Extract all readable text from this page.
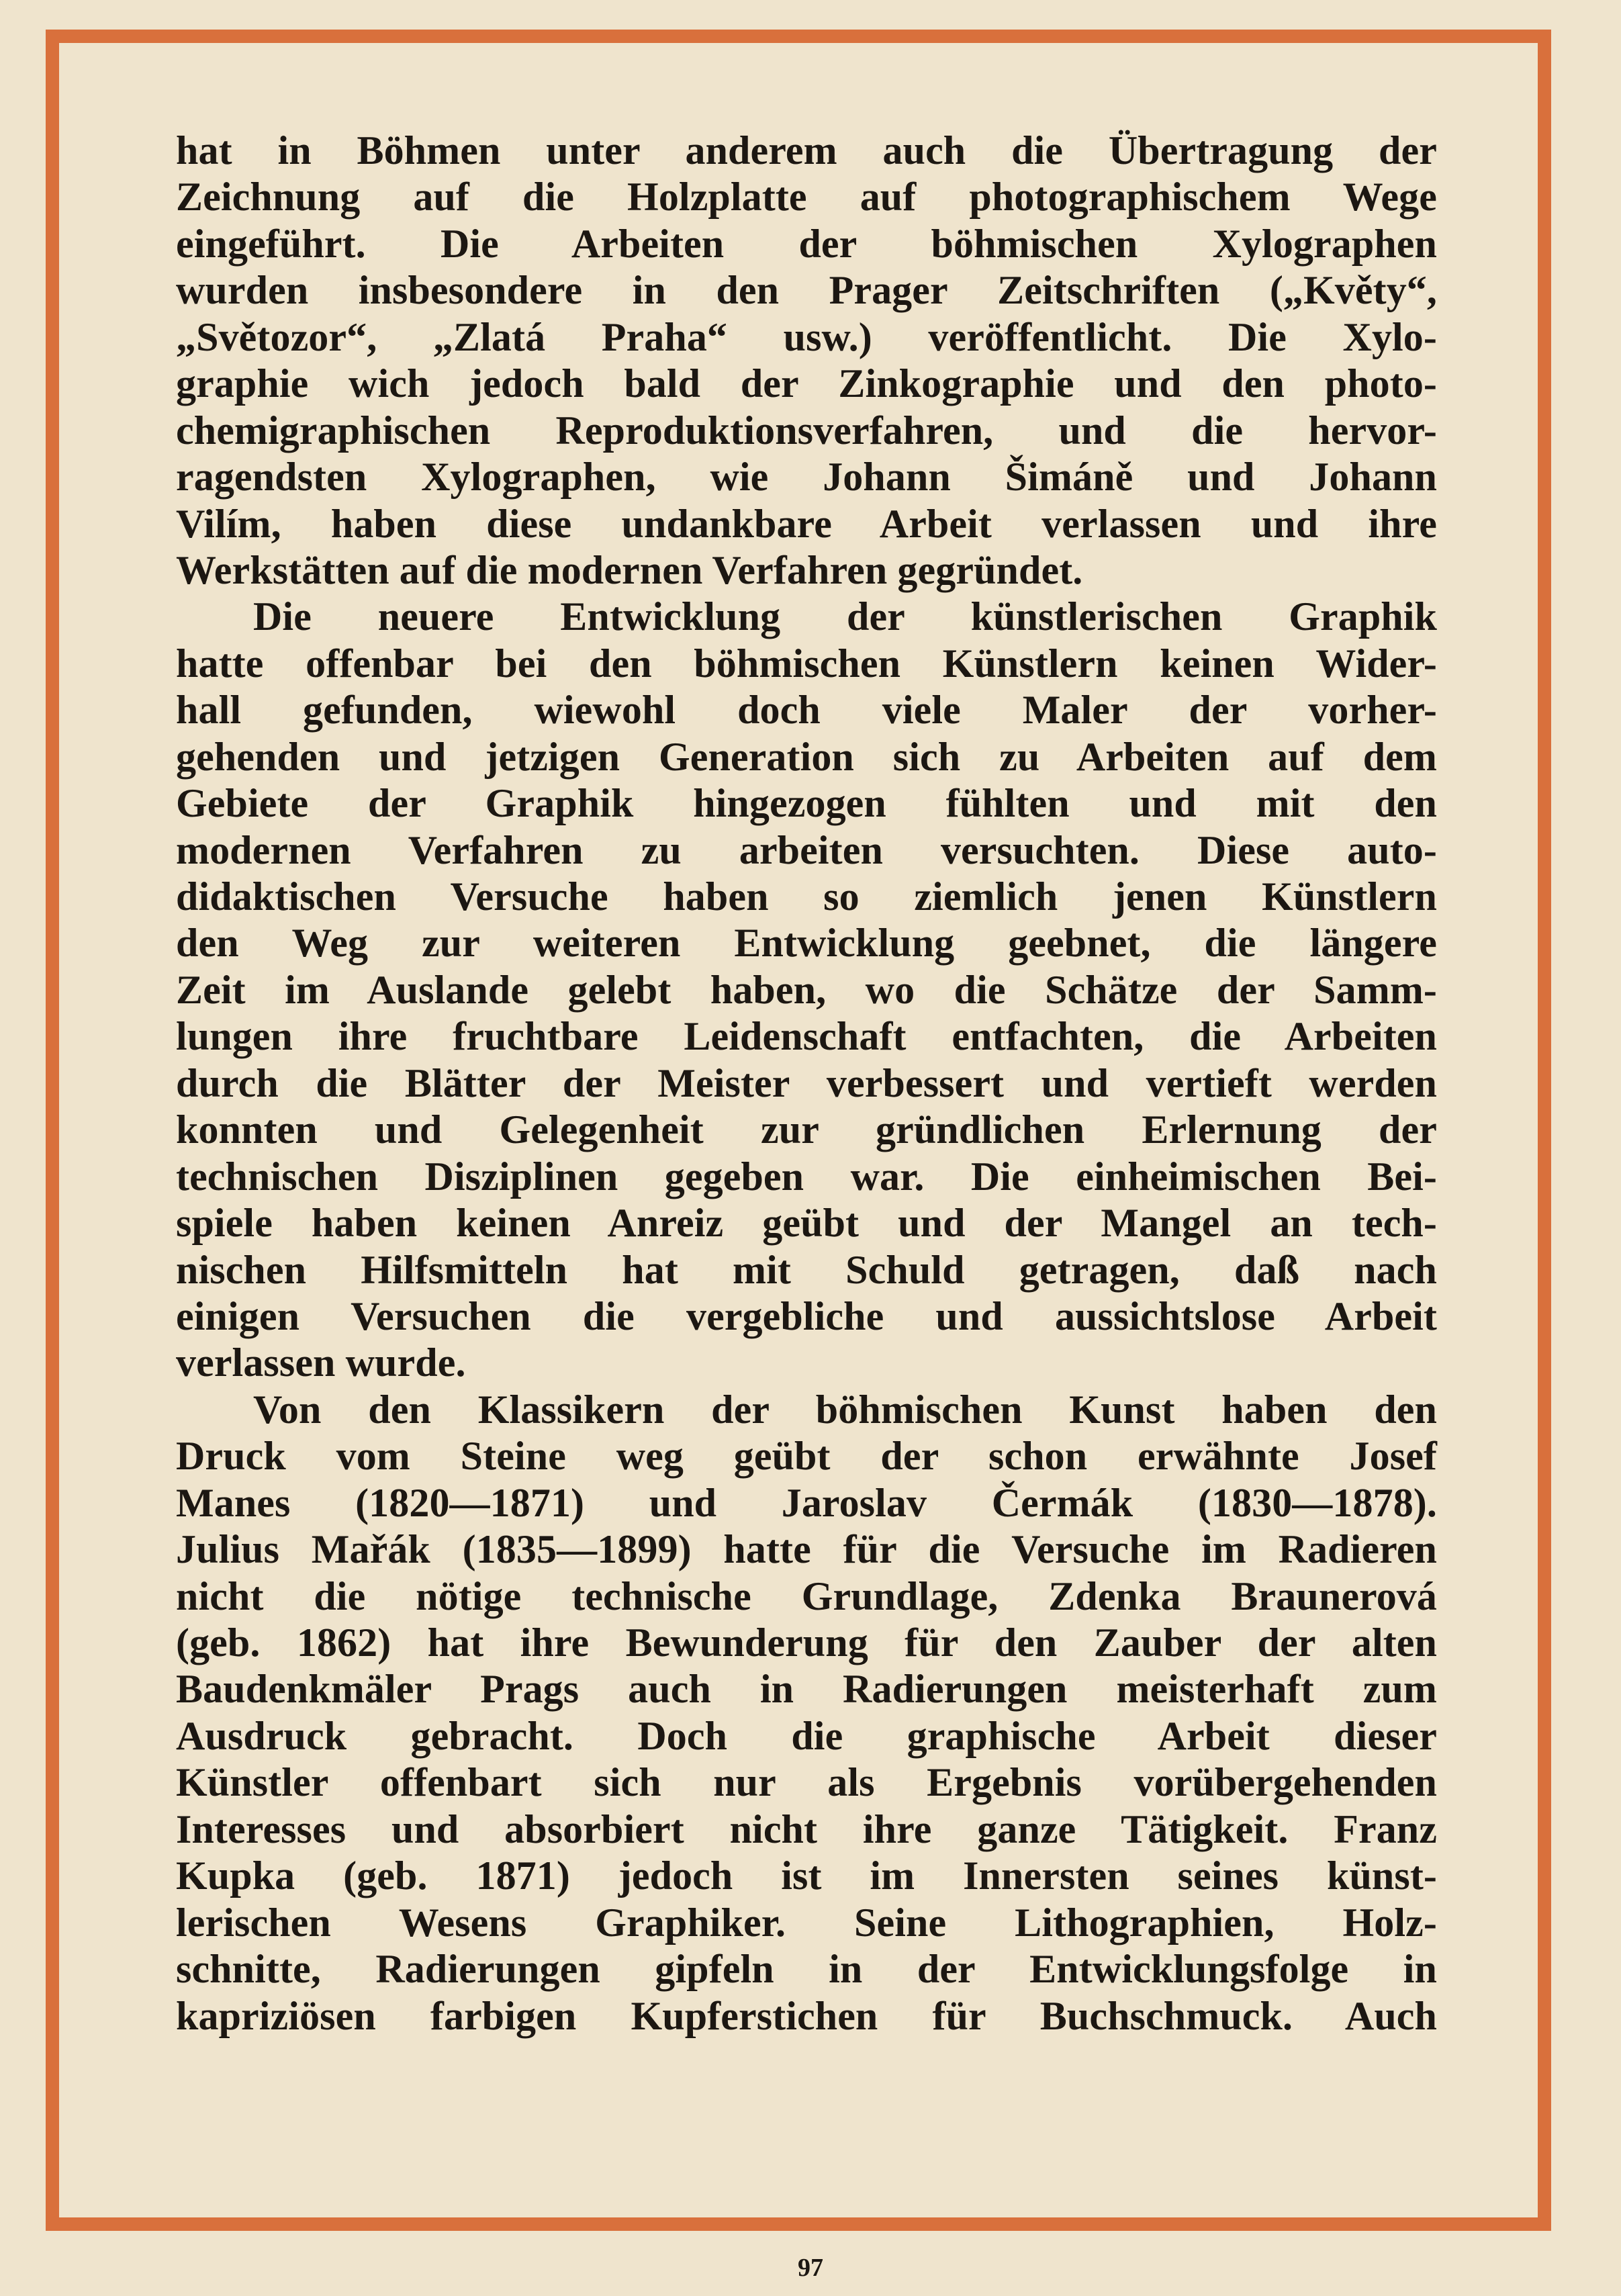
hat in Böhmen unter anderem auch die Übertragung der
Zeichnung auf die Holzplatte auf photographischem Wege
eingeführt. Die Arbeiten der böhmischen Xylographen
wurden insbesondere in den Prager Zeitschriften („Květy“,
„Světozor“, „Zlatá Praha“ usw.) veröffentlicht. Die Xylo-
graphie wich jedoch bald der Zinkographie und den photo-
chemigraphischen Reproduktionsverfahren, und die hervor-
ragendsten Xylographen, wie Johann Šimáně und Johann
Vilím, haben diese undankbare Arbeit verlassen und ihre
Werkstätten auf die modernen Verfahren gegründet.
Die neuere Entwicklung der künstlerischen Graphik
hatte offenbar bei den böhmischen Künstlern keinen Wider-
hall gefunden, wiewohl doch viele Maler der vorher-
gehenden und jetzigen Generation sich zu Arbeiten auf dem
Gebiete der Graphik hingezogen fühlten und mit den
modernen Verfahren zu arbeiten versuchten. Diese auto-
didaktischen Versuche haben so ziemlich jenen Künstlern
den Weg zur weiteren Entwicklung geebnet, die längere
Zeit im Auslande gelebt haben, wo die Schätze der Samm-
lungen ihre fruchtbare Leidenschaft entfachten, die Arbeiten
durch die Blätter der Meister verbessert und vertieft werden
konnten und Gelegenheit zur gründlichen Erlernung der
technischen Disziplinen gegeben war. Die einheimischen Bei-
spiele haben keinen Anreiz geübt und der Mangel an tech-
nischen Hilfsmitteln hat mit Schuld getragen, daß nach
einigen Versuchen die vergebliche und aussichtslose Arbeit
verlassen wurde.
Von den Klassikern der böhmischen Kunst haben den
Druck vom Steine weg geübt der schon erwähnte Josef
Manes (1820—1871) und Jaroslav Čermák (1830—1878).
Julius Mařák (1835—1899) hatte für die Versuche im Radieren
nicht die nötige technische Grundlage, Zdenka Braunerová
(geb. 1862) hat ihre Bewunderung für den Zauber der alten
Baudenkmäler Prags auch in Radierungen meisterhaft zum
Ausdruck gebracht. Doch die graphische Arbeit dieser
Künstler offenbart sich nur als Ergebnis vorübergehenden
Interesses und absorbiert nicht ihre ganze Tätigkeit. Franz
Kupka (geb. 1871) jedoch ist im Innersten seines künst-
lerischen Wesens Graphiker. Seine Lithographien, Holz-
schnitte, Radierungen gipfeln in der Entwicklungsfolge in
kapriziösen farbigen Kupferstichen für Buchschmuck. Auch
97
